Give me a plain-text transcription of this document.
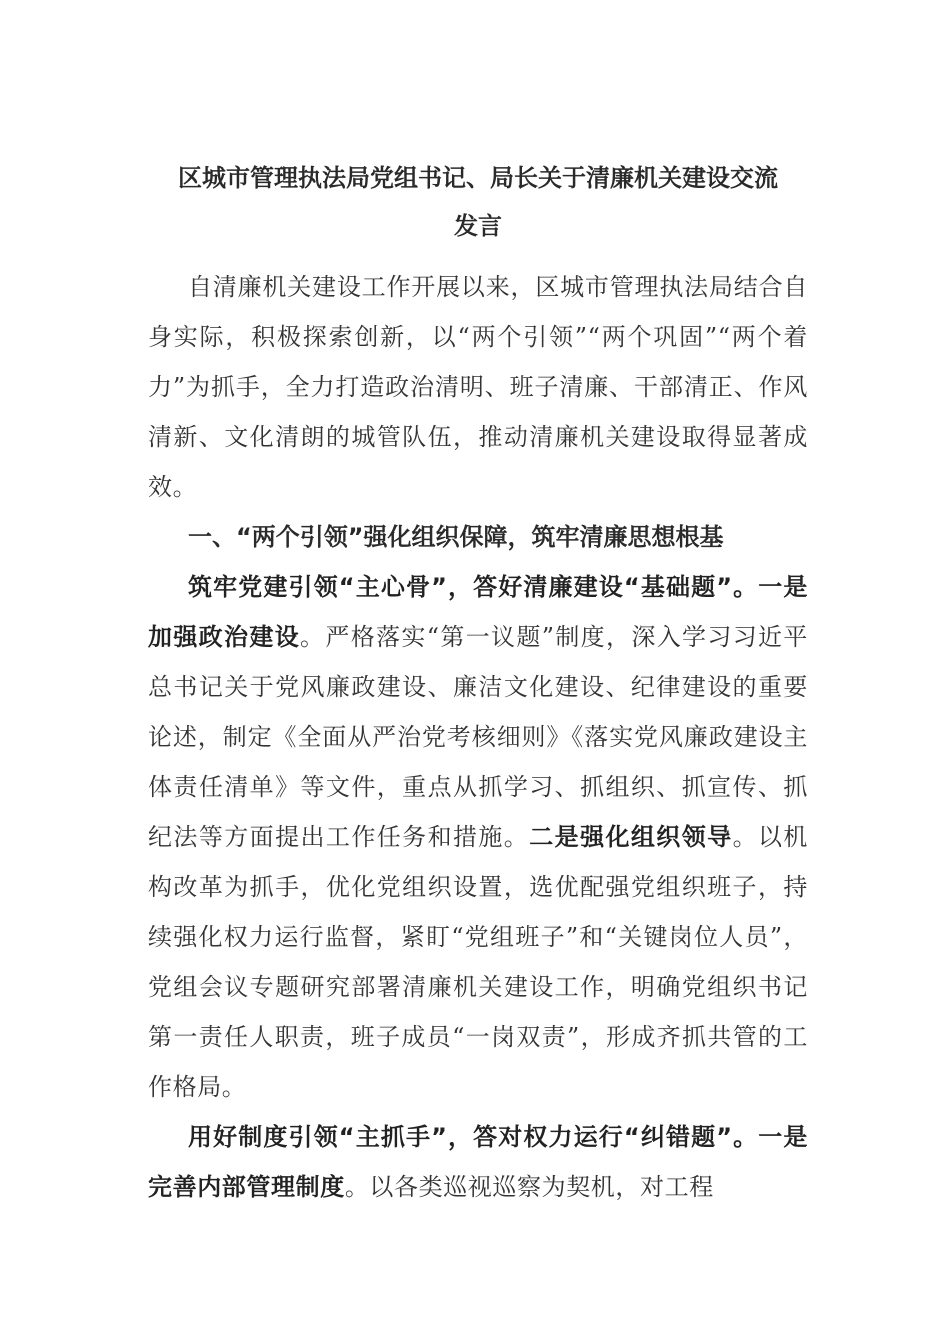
区城市管理执法局党组书记、局长关于清廉机关建设交流
发言
自清廉机关建设工作开展以来，区城市管理执法局结合自身实际，积极探索创新，以“两个引领”“两个巩固”“两个着力”为抓手，全力打造政治清明、班子清廉、干部清正、作风清新、文化清朗的城管队伍，推动清廉机关建设取得显著成效。
一、“两个引领”强化组织保障，筑牢清廉思想根基
筑牢党建引领“主心骨”，答好清廉建设“基础题”。一是加强政治建设。严格落实“第一议题”制度，深入学习习近平总书记关于党风廉政建设、廉洁文化建设、纪律建设的重要论述，制定《全面从严治党考核细则》《落实党风廉政建设主体责任清单》等文件，重点从抓学习、抓组织、抓宣传、抓纪法等方面提出工作任务和措施。二是强化组织领导。以机构改革为抓手，优化党组织设置，选优配强党组织班子，持续强化权力运行监督，紧盯“党组班子”和“关键岗位人员”，党组会议专题研究部署清廉机关建设工作，明确党组织书记第一责任人职责，班子成员“一岗双责”，形成齐抓共管的工作格局。
用好制度引领“主抓手”，答对权力运行“纠错题”。一是完善内部管理制度。以各类巡视巡察为契机，对工程
